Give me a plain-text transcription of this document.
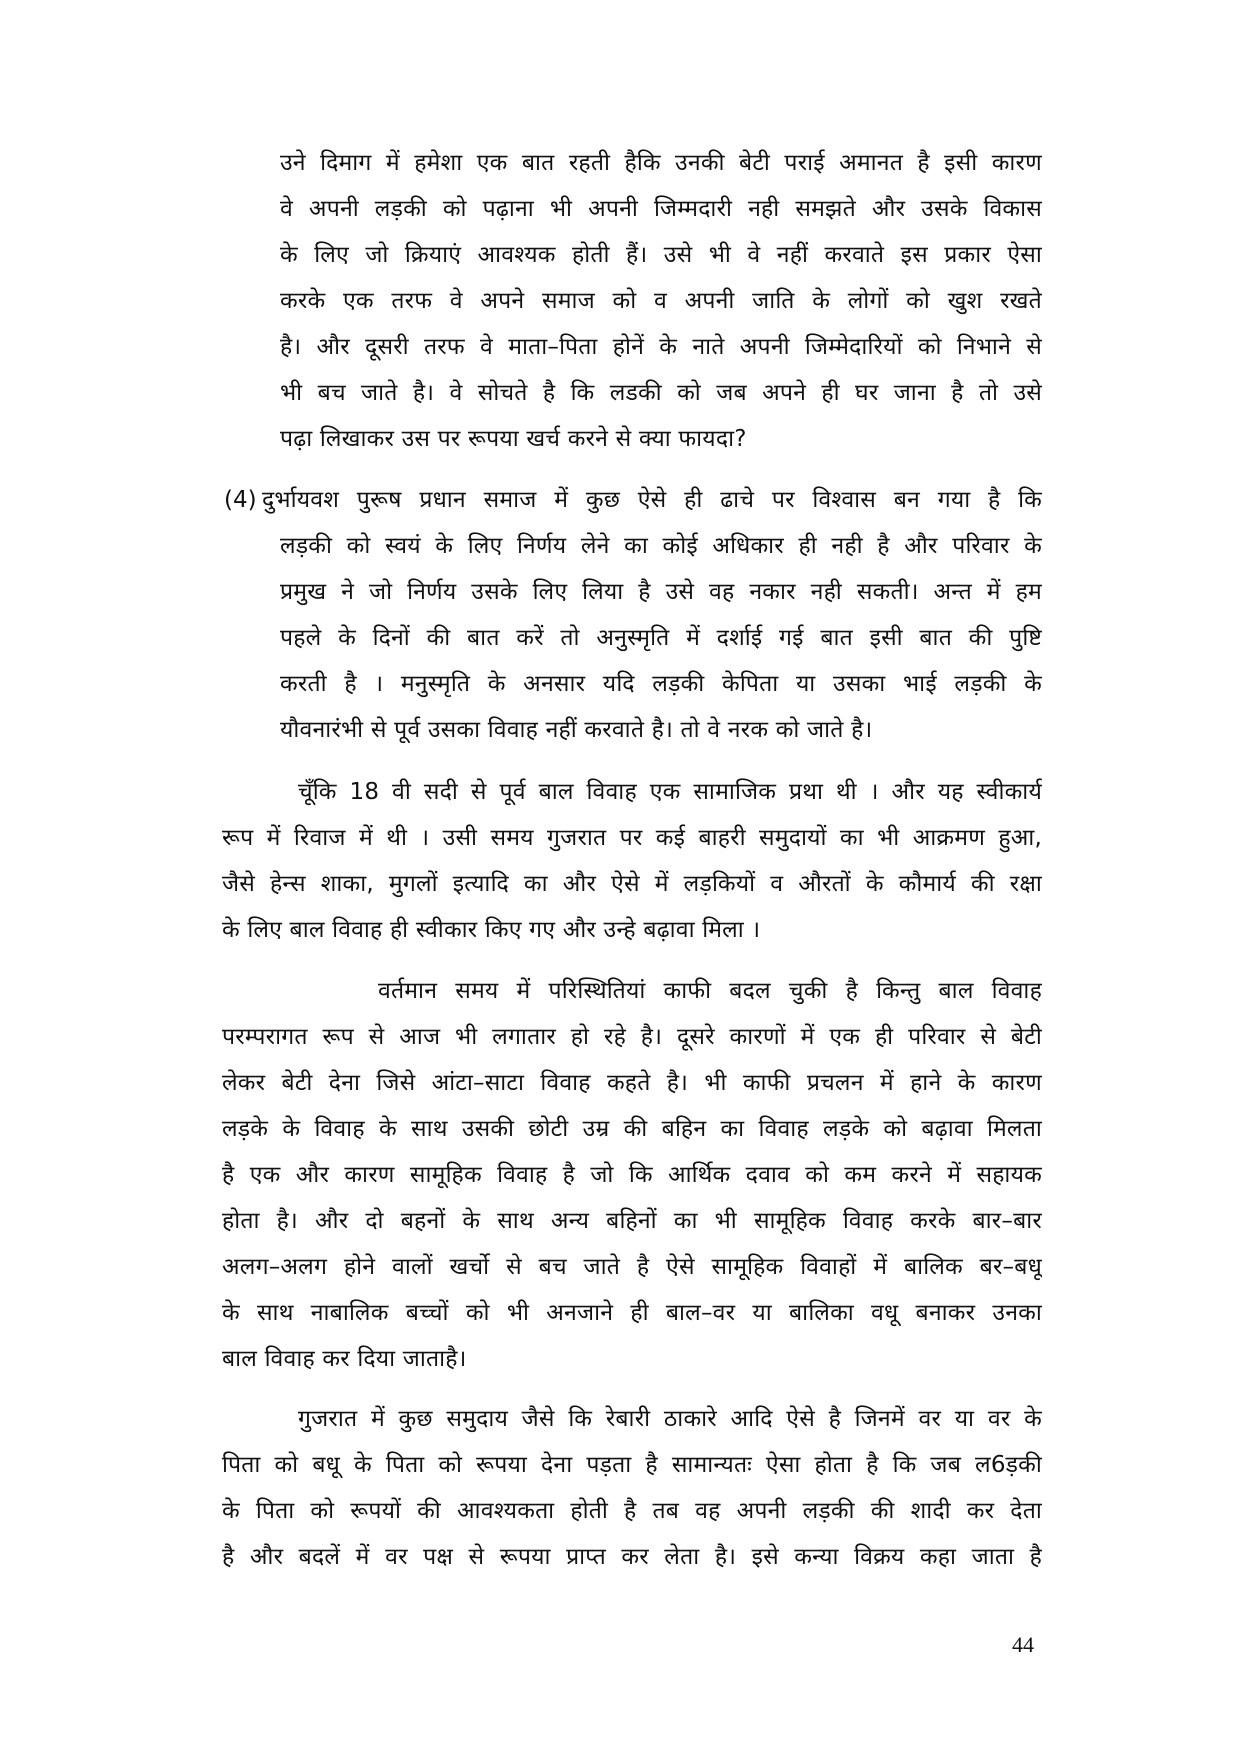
उने दिमाग में हमेशा एक बात रहती हैकि उनकी बेटी पराई अमानत है इसी कारण
वे अपनी लड़की को पढ़ाना भी अपनी जिम्मदारी नही समझते और उसके विकास
के लिए जो क्रियाएं आवश्यक होती हैं। उसे भी वे नहीं करवाते इस प्रकार ऐसा
करके एक तरफ वे अपने समाज को व अपनी जाति के लोगों को खुश रखते
है। और दूसरी तरफ वे माता–पिता होनें के नाते अपनी जिम्मेदारियों को निभाने से
भी बच जाते है। वे सोचते है कि लडकी को जब अपने ही घर जाना है तो उसे
पढ़ा लिखाकर उस पर रूपया खर्च करने से क्या फायदा?
(4) दुर्भायवश पुरूष प्रधान समाज में कुछ ऐसे ही ढाचे पर विश्वास बन गया है कि
लड़की को स्वयं के लिए निर्णय लेने का कोई अधिकार ही नही है और परिवार के
प्रमुख ने जो निर्णय उसके लिए लिया है उसे वह नकार नही सकती। अन्त में हम
पहले के दिनों की बात करें तो अनुस्मृति में दर्शाई गई बात इसी बात की पुष्टि
करती है । मनुस्मृति के अनसार यदि लड़की केपिता या उसका भाई लड़की के
यौवनारंभी से पूर्व उसका विवाह नहीं करवाते है। तो वे नरक को जाते है।
चूँकि 18 वी सदी से पूर्व बाल विवाह एक सामाजिक प्रथा थी । और यह स्वीकार्य
रूप में रिवाज में थी । उसी समय गुजरात पर कई बाहरी समुदायों का भी आक्रमण हुआ,
जैसे हेन्स शाका, मुगलों इत्यादि का और ऐसे में लड़कियों व औरतों के कौमार्य की रक्षा
के लिए बाल विवाह ही स्वीकार किए गए और उन्हे बढ़ावा मिला ।
वर्तमान समय में परिस्थितियां काफी बदल चुकी है किन्तु बाल विवाह
परम्परागत रूप से आज भी लगातार हो रहे है। दूसरे कारणों में एक ही परिवार से बेटी
लेकर बेटी देना जिसे आंटा–साटा विवाह कहते है। भी काफी प्रचलन में हाने के कारण
लड़के के विवाह के साथ उसकी छोटी उम्र की बहिन का विवाह लड़के को बढ़ावा मिलता
है एक और कारण सामूहिक विवाह है जो कि आर्थिक दवाव को कम करने में सहायक
होता है। और दो बहनों के साथ अन्य बहिनों का भी सामूहिक विवाह करके बार–बार
अलग–अलग होने वालों खर्चो से बच जाते है ऐसे सामूहिक विवाहों में बालिक बर–बधू
के साथ नाबालिक बच्चों को भी अनजाने ही बाल–वर या बालिका वधू बनाकर उनका
बाल विवाह कर दिया जाताहै।
गुजरात में कुछ समुदाय जैसे कि रेबारी ठाकारे आदि ऐसे है जिनमें वर या वर के
पिता को बधू के पिता को रूपया देना पड़ता है सामान्यतः ऐसा होता है कि जब ल6ड़की
के पिता को रूपयों की आवश्यकता होती है तब वह अपनी लड़की की शादी कर देता
है और बदलें में वर पक्ष से रूपया प्राप्त कर लेता है। इसे कन्या विक्रय कहा जाता है
44
